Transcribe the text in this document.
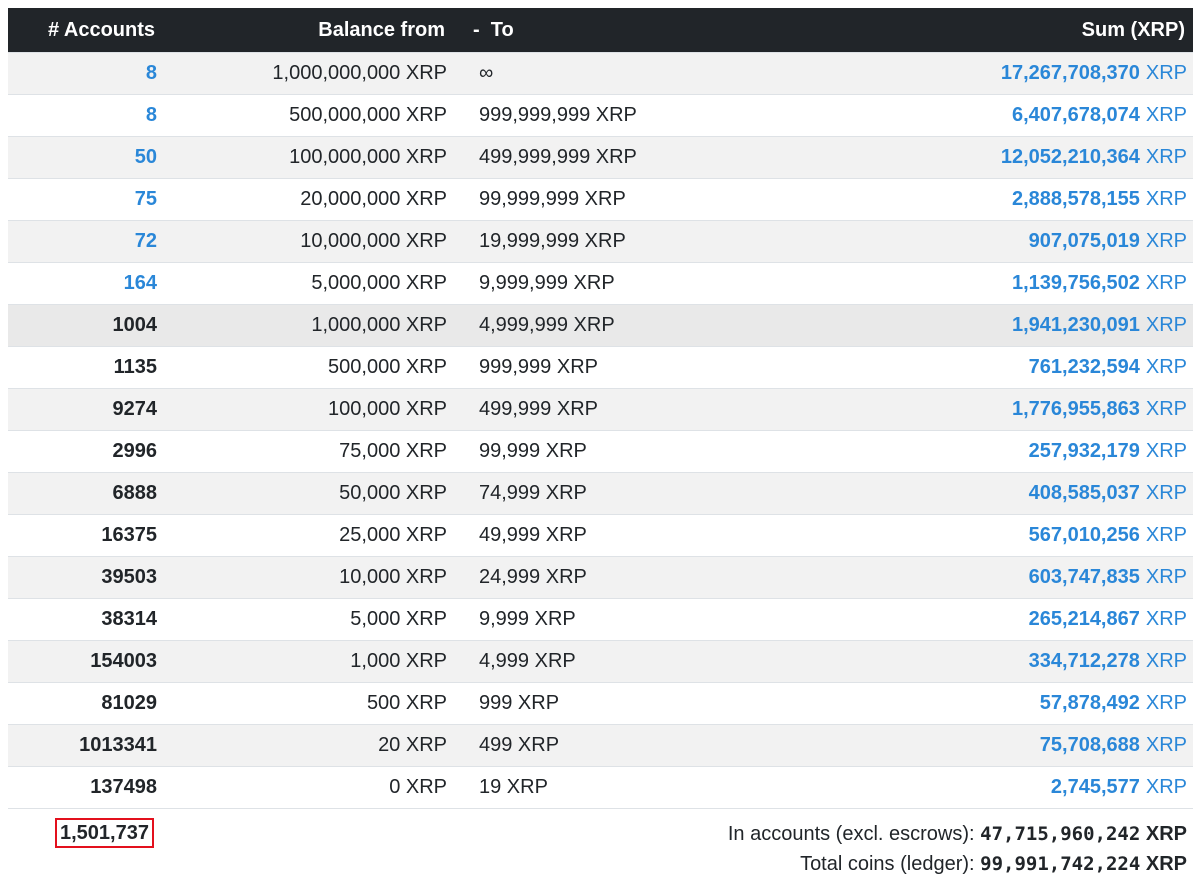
# Accounts	Balance from	- To	Sum (XRP)
8	1,000,000,000 XRP	∞	17,267,708,370 XRP
8	500,000,000 XRP	999,999,999 XRP	6,407,678,074 XRP
50	100,000,000 XRP	499,999,999 XRP	12,052,210,364 XRP
75	20,000,000 XRP	99,999,999 XRP	2,888,578,155 XRP
72	10,000,000 XRP	19,999,999 XRP	907,075,019 XRP
164	5,000,000 XRP	9,999,999 XRP	1,139,756,502 XRP
1004	1,000,000 XRP	4,999,999 XRP	1,941,230,091 XRP
1135	500,000 XRP	999,999 XRP	761,232,594 XRP
9274	100,000 XRP	499,999 XRP	1,776,955,863 XRP
2996	75,000 XRP	99,999 XRP	257,932,179 XRP
6888	50,000 XRP	74,999 XRP	408,585,037 XRP
16375	25,000 XRP	49,999 XRP	567,010,256 XRP
39503	10,000 XRP	24,999 XRP	603,747,835 XRP
38314	5,000 XRP	9,999 XRP	265,214,867 XRP
154003	1,000 XRP	4,999 XRP	334,712,278 XRP
81029	500 XRP	999 XRP	57,878,492 XRP
1013341	20 XRP	499 XRP	75,708,688 XRP
137498	0 XRP	19 XRP	2,745,577 XRP
1,501,737	In accounts (excl. escrows): 47,715,960,242 XRP
Total coins (ledger): 99,991,742,224 XRP
